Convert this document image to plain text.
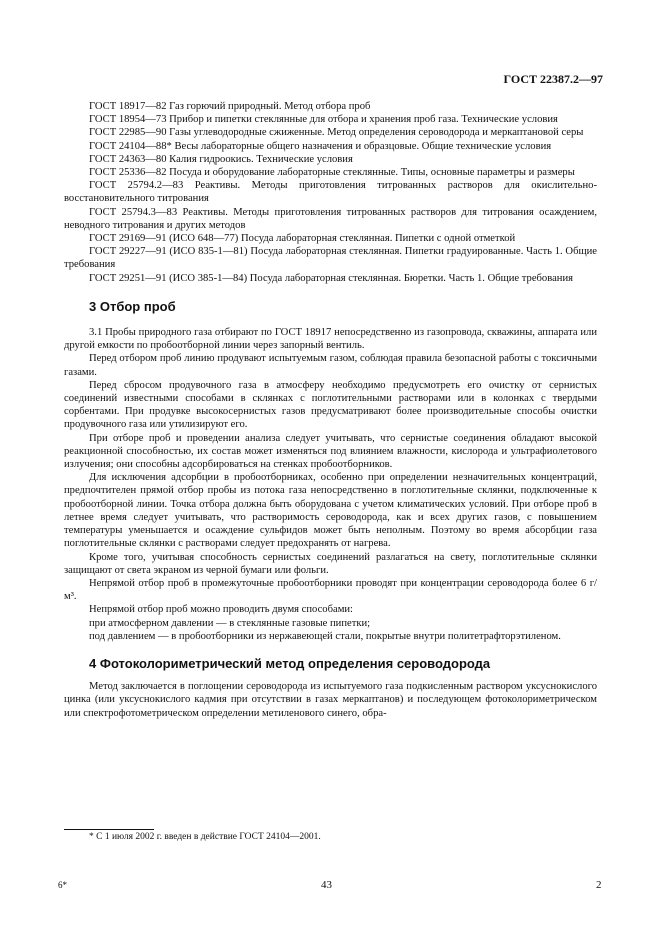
ГОСТ 22387.2—97

ГОСТ 18917—82 Газ горючий природный. Метод отбора проб

ГОСТ 18954—73 Прибор и пипетки стеклянные для отбора и хранения проб газа. Технические условия

ГОСТ 22985—90 Газы углеводородные сжиженные. Метод определения сероводорода и меркаптановой серы

ГОСТ 24104—88* Весы лабораторные общего назначения и образцовые. Общие технические условия

ГОСТ 24363—80 Калия гидроокись. Технические условия

ГОСТ 25336—82 Посуда и оборудование лабораторные стеклянные. Типы, основные параметры и размеры

ГОСТ 25794.2—83 Реактивы. Методы приготовления титрованных растворов для окислительно-восстановительного титрования

ГОСТ 25794.3—83 Реактивы. Методы приготовления титрованных растворов для титрования осаждением, неводного титрования и других методов

ГОСТ 29169—91 (ИСО 648—77) Посуда лабораторная стеклянная. Пипетки с одной отметкой

ГОСТ 29227—91 (ИСО 835-1—81) Посуда лабораторная стеклянная. Пипетки градуированные. Часть 1. Общие требования

ГОСТ 29251—91 (ИСО 385-1—84) Посуда лабораторная стеклянная. Бюретки. Часть 1. Общие требования

3 Отбор проб

3.1 Пробы природного газа отбирают по ГОСТ 18917 непосредственно из газопровода, скважины, аппарата или другой емкости по пробоотборной линии через запорный вентиль.

Перед отбором проб линию продувают испытуемым газом, соблюдая правила безопасной работы с токсичными газами.

Перед сбросом продувочного газа в атмосферу необходимо предусмотреть его очистку от сернистых соединений известными способами в склянках с поглотительными растворами или в колонках с твердыми сорбентами. При продувке высокосернистых газов предусматривают более производительные способы очистки продувочного газа или утилизируют его.

При отборе проб и проведении анализа следует учитывать, что сернистые соединения обладают высокой реакционной способностью, их состав может изменяться под влиянием влажности, кислорода и ультрафиолетового излучения; они способны адсорбироваться на стенках пробоотборников.

Для исключения адсорбции в пробоотборниках, особенно при определении незначительных концентраций, предпочтителен прямой отбор пробы из потока газа непосредственно в поглотительные склянки, подключенные к пробоотборной линии. Точка отбора должна быть оборудована с учетом климатических условий. При отборе проб в летнее время следует учитывать, что растворимость сероводорода, как и всех других газов, с повышением температуры уменьшается и осаждение сульфидов может быть неполным. Поэтому во время абсорбции газа поглотительные склянки с растворами следует предохранять от нагрева.

Кроме того, учитывая способность сернистых соединений разлагаться на свету, поглотительные склянки защищают от света экраном из черной бумаги или фольги.

Непрямой отбор проб в промежуточные пробоотборники проводят при концентрации сероводорода более 6 г/м³.

Непрямой отбор проб можно проводить двумя способами:

при атмосферном давлении — в стеклянные газовые пипетки;

под давлением — в пробоотборники из нержавеющей стали, покрытые внутри политетрафторэтиленом.

4 Фотоколориметрический метод определения сероводорода

Метод заключается в поглощении сероводорода из испытуемого газа подкисленным раствором уксуснокислого цинка (или уксуснокислого кадмия при отсутствии в газах меркаптанов) и последующем фотоколориметрическом или спектрофотометрическом определении метиленового синего, обра-

* С 1 июля 2002 г. введен в действие ГОСТ 24104—2001.
6*	43	2
